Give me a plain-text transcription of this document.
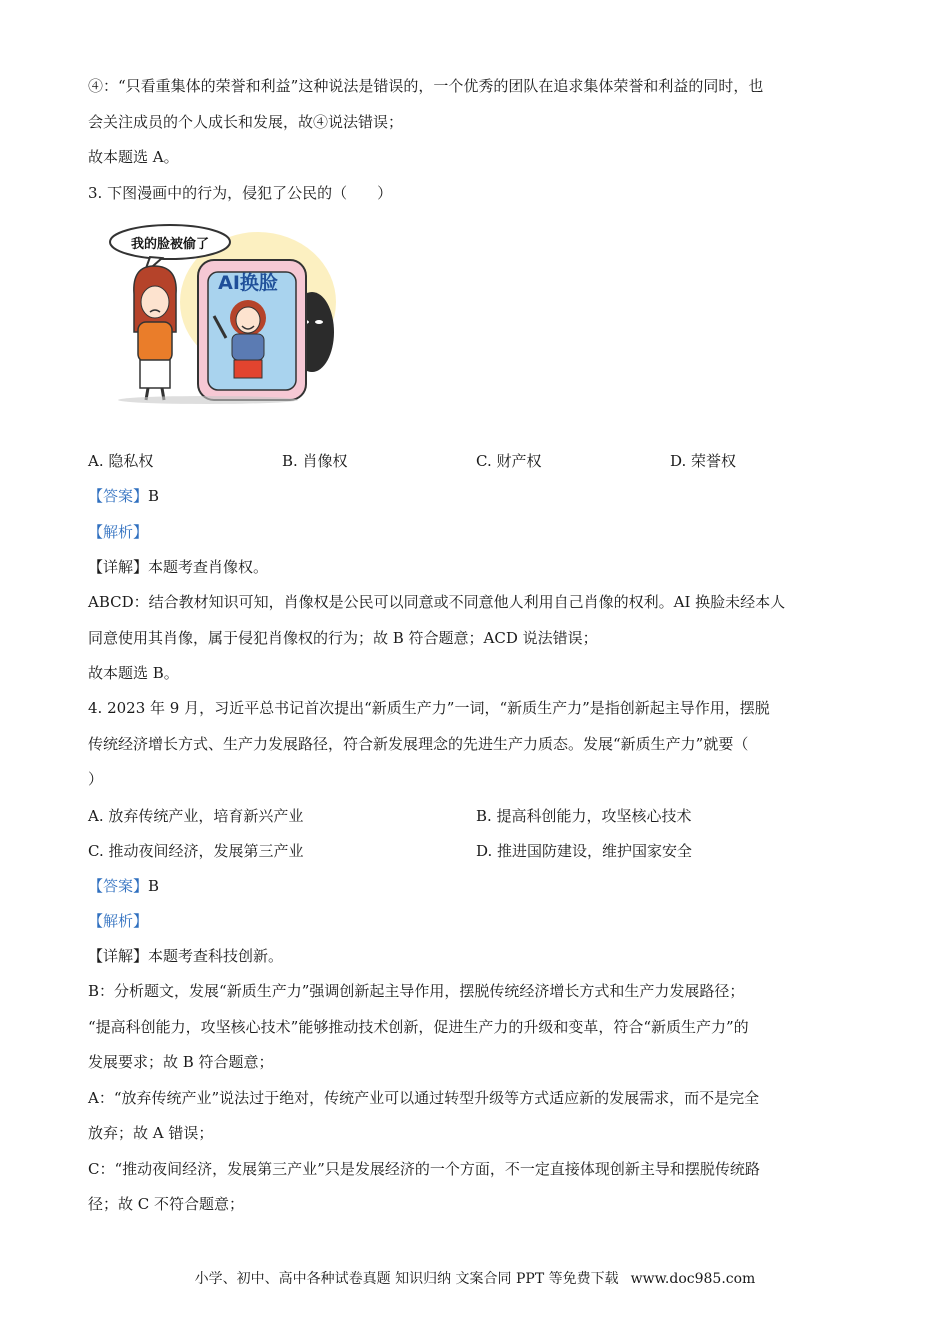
④：“只看重集体的荣誉和利益”这种说法是错误的，一个优秀的团队在追求集体荣誉和利益的同时，也
会关注成员的个人成长和发展，故④说法错误；
故本题选 A。
3. 下图漫画中的行为，侵犯了公民的（　　）
我的脸被偷了
AI换脸
A. 隐私权	B. 肖像权	C. 财产权	D. 荣誉权
【答案】B
【解析】
【详解】本题考查肖像权。
ABCD：结合教材知识可知，肖像权是公民可以同意或不同意他人利用自己肖像的权利。AI 换脸未经本人
同意使用其肖像，属于侵犯肖像权的行为；故 B 符合题意；ACD 说法错误；
故本题选 B。
4. 2023 年 9 月，习近平总书记首次提出“新质生产力”一词，“新质生产力”是指创新起主导作用，摆脱
传统经济增长方式、生产力发展路径，符合新发展理念的先进生产力质态。发展“新质生产力”就要（
）
A. 放弃传统产业，培育新兴产业	B. 提高科创能力，攻坚核心技术
C. 推动夜间经济，发展第三产业	D. 推进国防建设，维护国家安全
【答案】B
【解析】
【详解】本题考查科技创新。
B：分析题文，发展“新质生产力”强调创新起主导作用，摆脱传统经济增长方式和生产力发展路径；
“提高科创能力，攻坚核心技术”能够推动技术创新，促进生产力的升级和变革，符合“新质生产力”的
发展要求；故 B 符合题意；
A：“放弃传统产业”说法过于绝对，传统产业可以通过转型升级等方式适应新的发展需求，而不是完全
放弃；故 A 错误；
C：“推动夜间经济，发展第三产业”只是发展经济的一个方面，不一定直接体现创新主导和摆脱传统路
径；故 C 不符合题意；
小学、初中、高中各种试卷真题 知识归纳 文案合同 PPT 等免费下载 www.doc985.com
